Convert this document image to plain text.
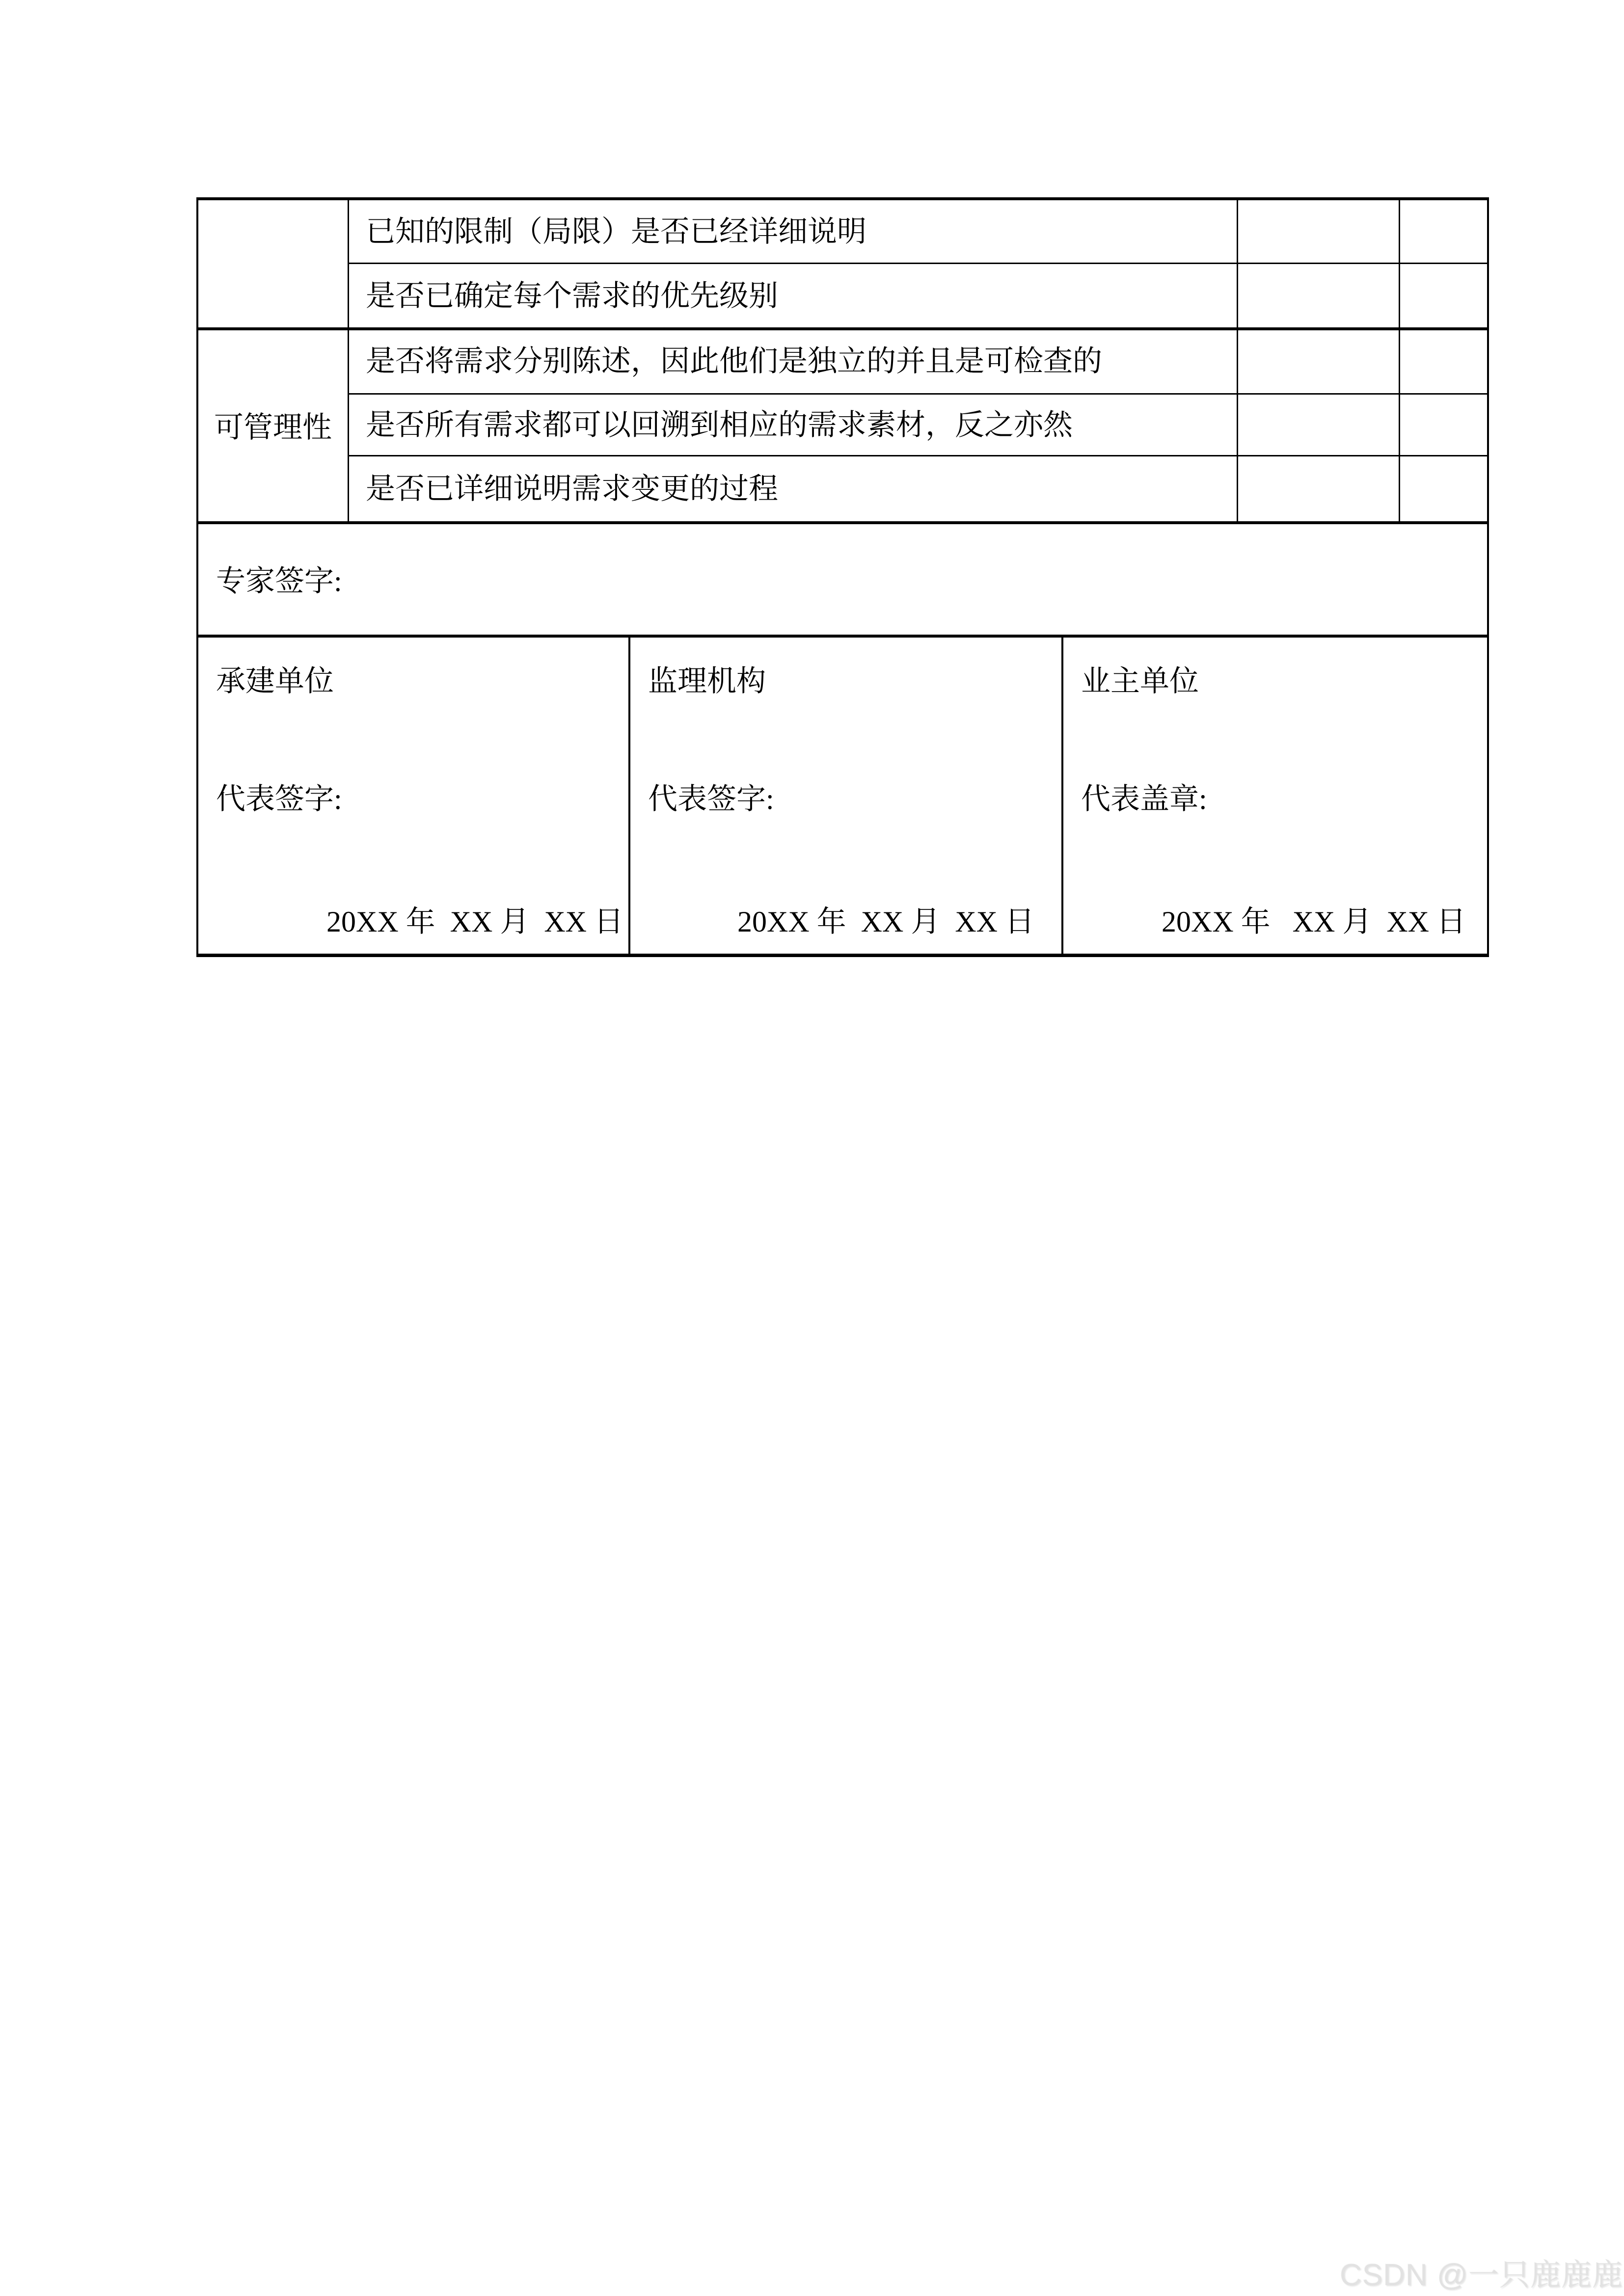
可管理性
已知的限制（局限）是否已经详细说明
是否已确定每个需求的优先级别
是否将需求分别陈述，因此他们是独立的并且是可检查的
是否所有需求都可以回溯到相应的需求素材，反之亦然
是否已详细说明需求变更的过程
专家签字:
承建单位
代表签字:
20XX 年  XX 月  XX 日
监理机构
代表签字:
20XX 年  XX 月  XX 日
业主单位
代表盖章:
20XX 年   XX 月  XX 日
CSDN @一只鹿鹿鹿
